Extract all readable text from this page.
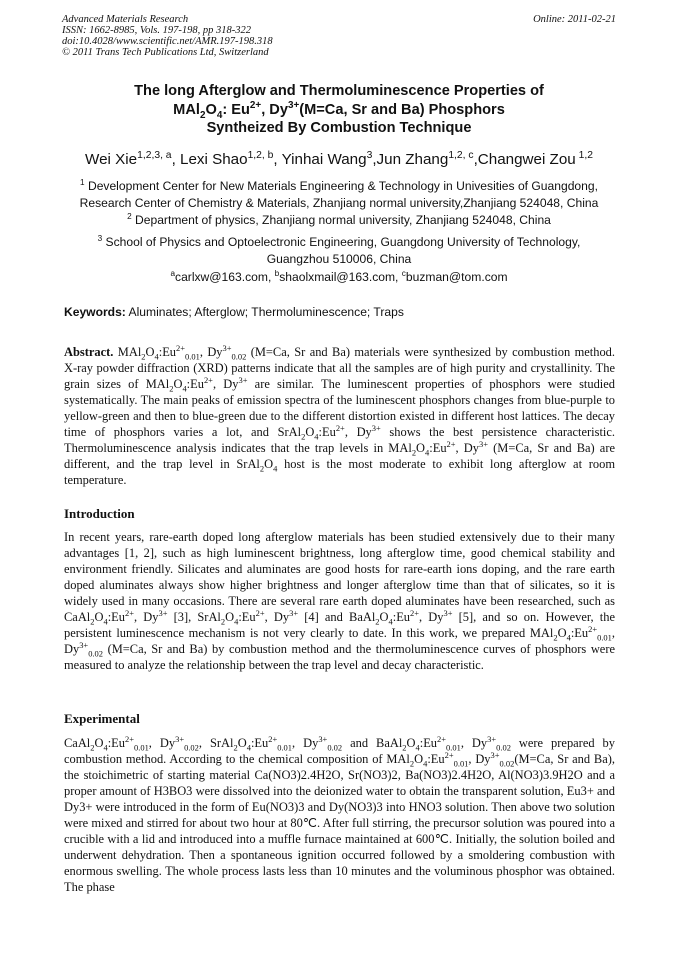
Advanced Materials Research
ISSN: 1662-8985, Vols. 197-198, pp 318-322
doi:10.4028/www.scientific.net/AMR.197-198.318
© 2011 Trans Tech Publications Ltd, Switzerland
Online: 2011-02-21
The long Afterglow and Thermoluminescence Properties of
$MAl_2O_4$: $Eu^{2+}$, $Dy^{3+}(M=Ca$, Sr and Ba) Phosphors
Syntheized By Combustion Technique
Wei Xie$^{1,2,3, a}$, Lexi Shao$^{1,2, b}$, Yinhai Wang$^3$,Jun Zhang$^{1,2, c}$,Changwei Zou $^{1,2}$
$^1$ Development Center for New Materials Engineering & Technology in Univesities of Guangdong,
Research Center of Chemistry & Materials, Zhanjiang normal university,Zhanjiang 524048, China
$^2$ Department of physics, Zhanjiang normal university, Zhanjiang 524048, China
$^3$ School of Physics and Optoelectronic Engineering, Guangdong University of Technology,
Guangzhou 510006, China
$^a$carlxw@163.com, $^b$shaolxmail@163.com, $^c$buzman@tom.com
Keywords: Aluminates; Afterglow; Thermoluminescence; Traps
Abstract. $MAl_2O_4:Eu^{2+}_{0.01}$, $Dy^{3+}_{0.02}$ (M=Ca, Sr and Ba) materials were synthesized by combustion method. X-ray powder diffraction (XRD) patterns indicate that all the samples are of high purity and crystallinity. The grain sizes of $MAl_2O_4:Eu^{2+}$, $Dy^{3+}$ are similar. The luminescent properties of phosphors were studied systematically. The main peaks of emission spectra of the luminescent phosphors changes from blue-purple to yellow-green and then to blue-green due to the different distortion existed in different host lattices. The decay time of phosphors varies a lot, and $SrAl_2O_4:Eu^{2+}$, $Dy^{3+}$ shows the best persistence characteristic. Thermoluminescence analysis indicates that the trap levels in $MAl_2O_4:Eu^{2+}$, $Dy^{3+}$ (M=Ca, Sr and Ba) are different, and the trap level in $SrAl_2O_4$ host is the most moderate to exhibit long afterglow at room temperature.
Introduction
In recent years, rare-earth doped long afterglow materials has been studied extensively due to their many advantages [1, 2], such as high luminescent brightness, long afterglow time, good chemical stability and environment friendly. Silicates and aluminates are good hosts for rare-earth ions doping, and the rare earth doped aluminates always show higher brightness and longer afterglow time than that of silicates, so it is widely used in many occasions. There are several rare earth doped aluminates have been researched, such as $CaAl_2O_4:Eu^{2+}$, $Dy^{3+}$ [3], $SrAl_2O_4:Eu^{2+}$, $Dy^{3+}$ [4] and $BaAl_2O_4:Eu^{2+}$, $Dy^{3+}$ [5], and so on. However, the persistent luminescence mechanism is not very clearly to date. In this work, we prepared $MAl_2O_4:Eu^{2+}_{0.01}$, $Dy^{3+}_{0.02}$ (M=Ca, Sr and Ba) by combustion method and the thermoluminescence curves of phosphors were measured to analyze the relationship between the trap level and decay characteristic.
Experimental
$CaAl_2O_4:Eu^{2+}_{0.01}$, $Dy^{3+}_{0.02}$, $SrAl_2O_4:Eu^{2+}_{0.01}$, $Dy^{3+}_{0.02}$ and $BaAl_2O_4:Eu^{2+}_{0.01}$, $Dy^{3+}_{0.02}$ were prepared by combustion method. According to the chemical composition of $MAl_2O_4:Eu^{2+}_{0.01}$, $Dy^{3+}_{0.02}(M=Ca$, Sr and Ba), the stoichimetric of starting material Ca(NO3)2.4H2O, Sr(NO3)2, Ba(NO3)2.4H2O, Al(NO3)3.9H2O and a proper amount of H3BO3 were dissolved into the deionized water to obtain the transparent solution, Eu3+ and Dy3+ were introduced in the form of Eu(NO3)3 and Dy(NO3)3 into HNO3 solution. Then above two solution were mixed and stirred for about two hour at 80℃. After full stirring, the precursor solution was poured into a crucible with a lid and introduced into a muffle furnace maintained at 600℃. Initially, the solution boiled and underwent dehydration. Then a spontaneous ignition occurred followed by a smoldering combustion with enormous swelling. The whole process lasts less than 10 minutes and the voluminous phosphor was obtained. The phase
